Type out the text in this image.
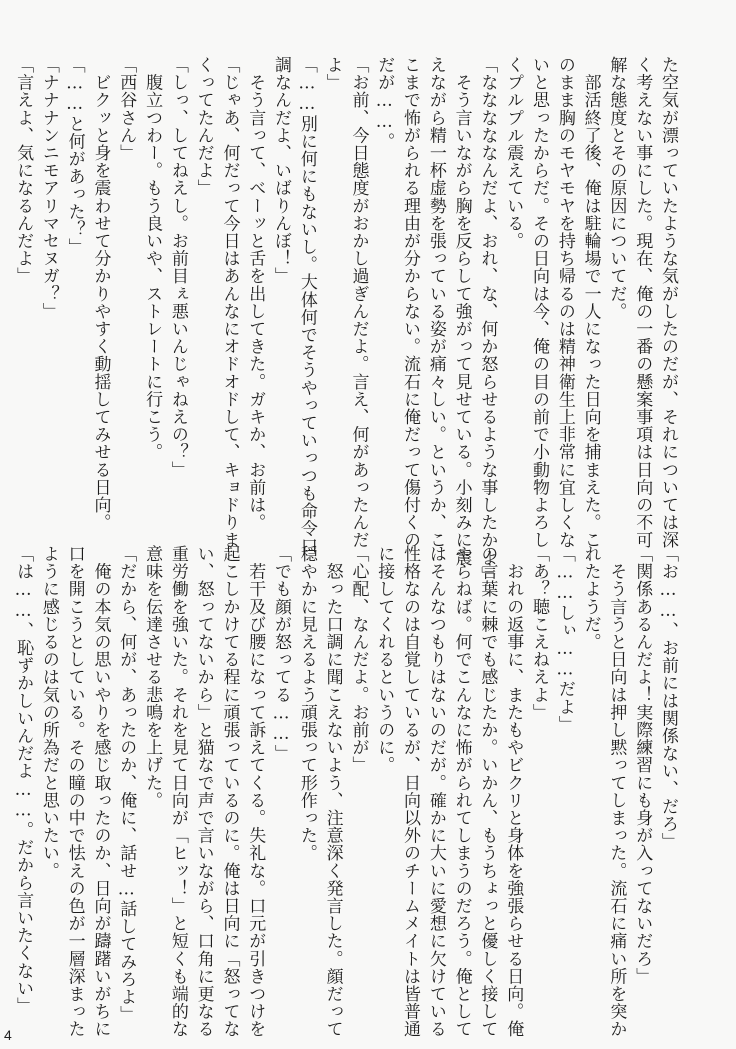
た空気が漂っていたような気がしたのだが、それについては深
く考えない事にした。現在、俺の一番の懸案事項は日向の不可
解な態度とその原因についてだ。
　部活終了後、俺は駐輪場で一人になった日向を捕まえた。こ
のまま胸のモヤモヤを持ち帰るのは精神衛生上非常に宜しくな
いと思ったからだ。その日向は今、俺の目の前で小動物よろし
くプルプル震えている。
「なななななんだよ、おれ、な、何か怒らせるような事したかよ」
　そう言いながら胸を反らして強がって見せている。小刻みに震
えながら精一杯虚勢を張っている姿が痛々しい。というか、こ
こまで怖がられる理由が分からない。流石に俺だって傷付くの
だが……。
「お前、今日態度がおかし過ぎんだよ。言え、何があったんだ
よ」
「……別に何にもないし。大体何でそうやっていっつも命令口
調なんだよ、いばりんぼ！」
　そう言って、べーッと舌を出してきた。ガキか、お前は。
「じゃあ、何だって今日はあんなにオドオドして、キョドりま
くってたんだよ」
「しっ、してねえし。お前目ぇ悪いんじゃねえの？」
　腹立つわー。もう良いや、ストレートに行こう。
「西谷さん」
　ビクッと身を震わせて分かりやすく動揺してみせる日向。
「……と何があった？」
「ナナナンニモアリマセヌガ？」
「言えよ、気になるんだよ」
「お……、お前には関係ない、だろ」
「関係あるんだよ！実際練習にも身が入ってないだろ」
　そう言うと日向は押し黙ってしまった。流石に痛い所を突か
れたようだ。
「……しぃ……だよ」
「あ？聴こえねえよ」
　おれの返事に、またもやビクリと身体を強張らせる日向。俺
の言葉に棘でも感じたか。いかん、もうちょっと優しく接して
やらねば。何でこんなに怖がられてしまうのだろう。俺として
はそんなつもりはないのだが。確かに大いに愛想に欠けている
性格なのは自覚しているが、日向以外のチームメイトは皆普通
に接してくれるというのに。
「心配、なんだよ。お前が」
　怒った口調に聞こえないよう、注意深く発言した。顔だって
穏やかに見えるよう頑張って形作った。
「でも顔が怒ってる……」
　若干及び腰になって訴えてくる。失礼な。口元が引きつけを
起こしかけてる程に頑張っているのに。俺は日向に「怒ってな
い、怒ってないから」と猫なで声で言いながら、口角に更なる
重労働を強いた。それを見て日向が「ヒッ！」と短くも端的な
意味を伝達させる悲鳴を上げた。
「だから、何が、あったのか、俺に、話せ…話してみろよ」
　俺の本気の思いやりを感じ取ったのか、日向が躊躇いがちに
口を開こうとしている。その瞳の中で怯えの色が一層深まった
ように感じるのは気の所為だと思いたい。
「は……、恥ずかしいんだよ……。だから言いたくない」
4
